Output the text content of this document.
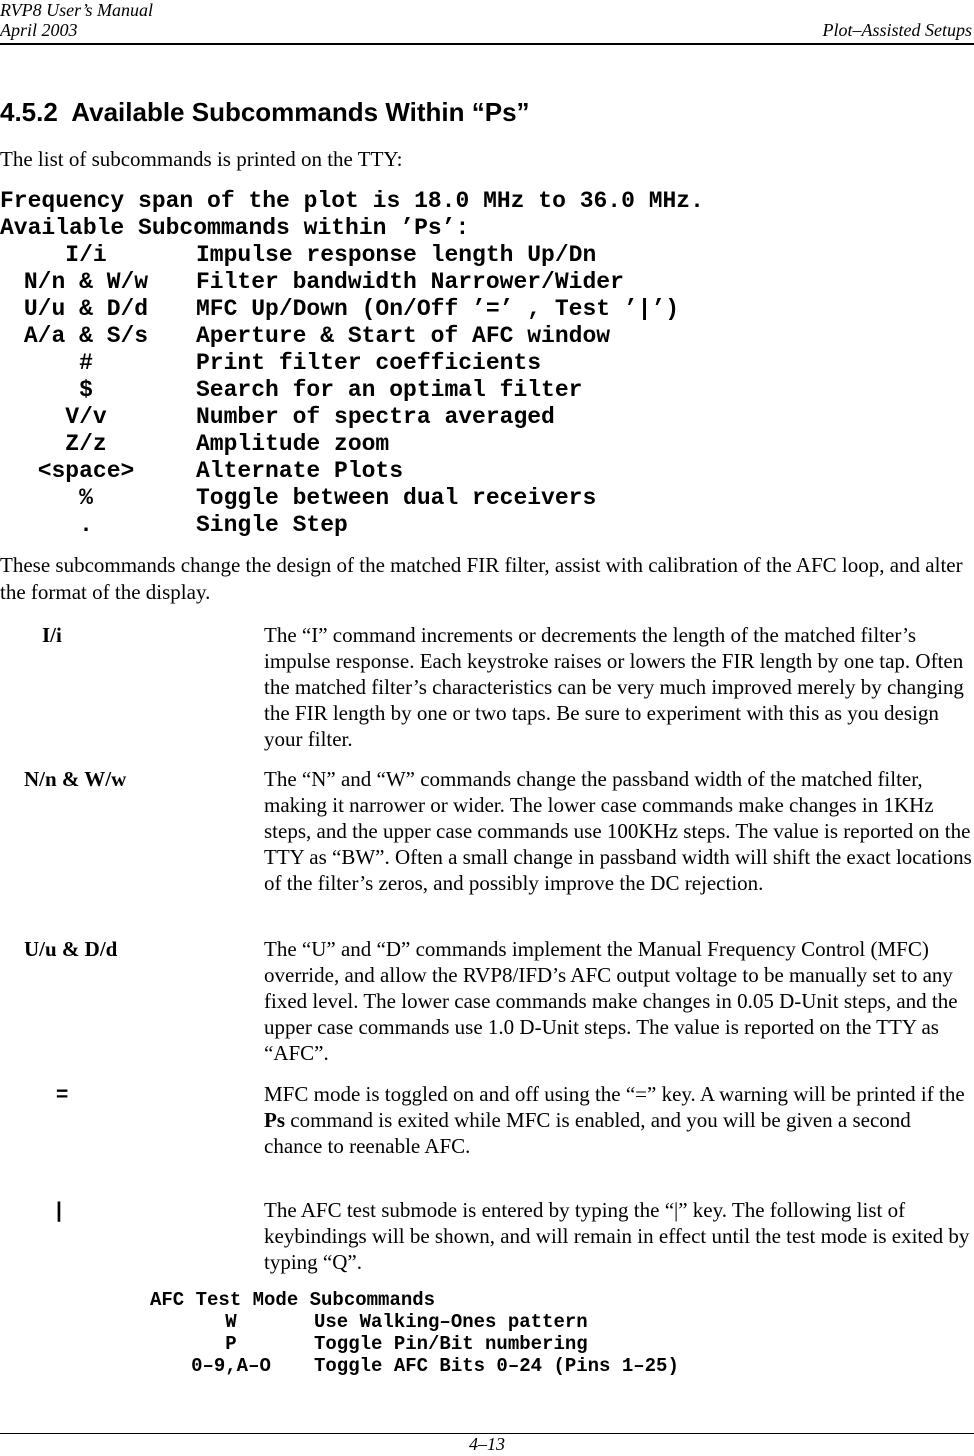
RVP8 User’s Manual
April 2003	Plot–Assisted Setups
4.5.2  Available Subcommands Within “Ps”
The list of subcommands is printed on the TTY:
Frequency span of the plot is 18.0 MHz to 36.0 MHz.
Available Subcommands within ’Ps’:
I/i	Impulse response length Up/Dn
N/n & W/w	Filter bandwidth Narrower/Wider
U/u & D/d	MFC Up/Down (On/Off ’=’ , Test ’|’)
A/a & S/s	Aperture & Start of AFC window
#	Print filter coefficients
$	Search for an optimal filter
V/v	Number of spectra averaged
Z/z	Amplitude zoom
<space>	Alternate Plots
%	Toggle between dual receivers
.	Single Step
These subcommands change the design of the matched FIR filter, assist with calibration of the AFC loop, and alter the format of the display.
I/i	The “I” command increments or decrements the length of the matched filter’s impulse response. Each keystroke raises or lowers the FIR length by one tap. Often the matched filter’s characteristics can be very much improved merely by changing the FIR length by one or two taps. Be sure to experiment with this as you design your filter.
N/n & W/w	The “N” and “W” commands change the passband width of the matched filter, making it narrower or wider. The lower case commands make changes in 1KHz steps, and the upper case commands use 100KHz steps. The value is reported on the TTY as “BW”. Often a small change in passband width will shift the exact locations of the filter’s zeros, and possibly improve the DC rejection.
U/u & D/d	The “U” and “D” commands implement the Manual Frequency Control (MFC) override, and allow the RVP8/IFD’s AFC output voltage to be manually set to any fixed level. The lower case commands make changes in 0.05 D-Unit steps, and the upper case commands use 1.0 D-Unit steps. The value is reported on the TTY as “AFC”.
=	MFC mode is toggled on and off using the “=” key. A warning will be printed if the Ps command is exited while MFC is enabled, and you will be given a second chance to reenable AFC.
|	The AFC test submode is entered by typing the “|” key. The following list of keybindings will be shown, and will remain in effect until the test mode is exited by typing “Q”.
AFC Test Mode Subcommands
W	Use Walking–Ones pattern
P	Toggle Pin/Bit numbering
0–9,A–O	Toggle AFC Bits 0–24 (Pins 1–25)
4–13
